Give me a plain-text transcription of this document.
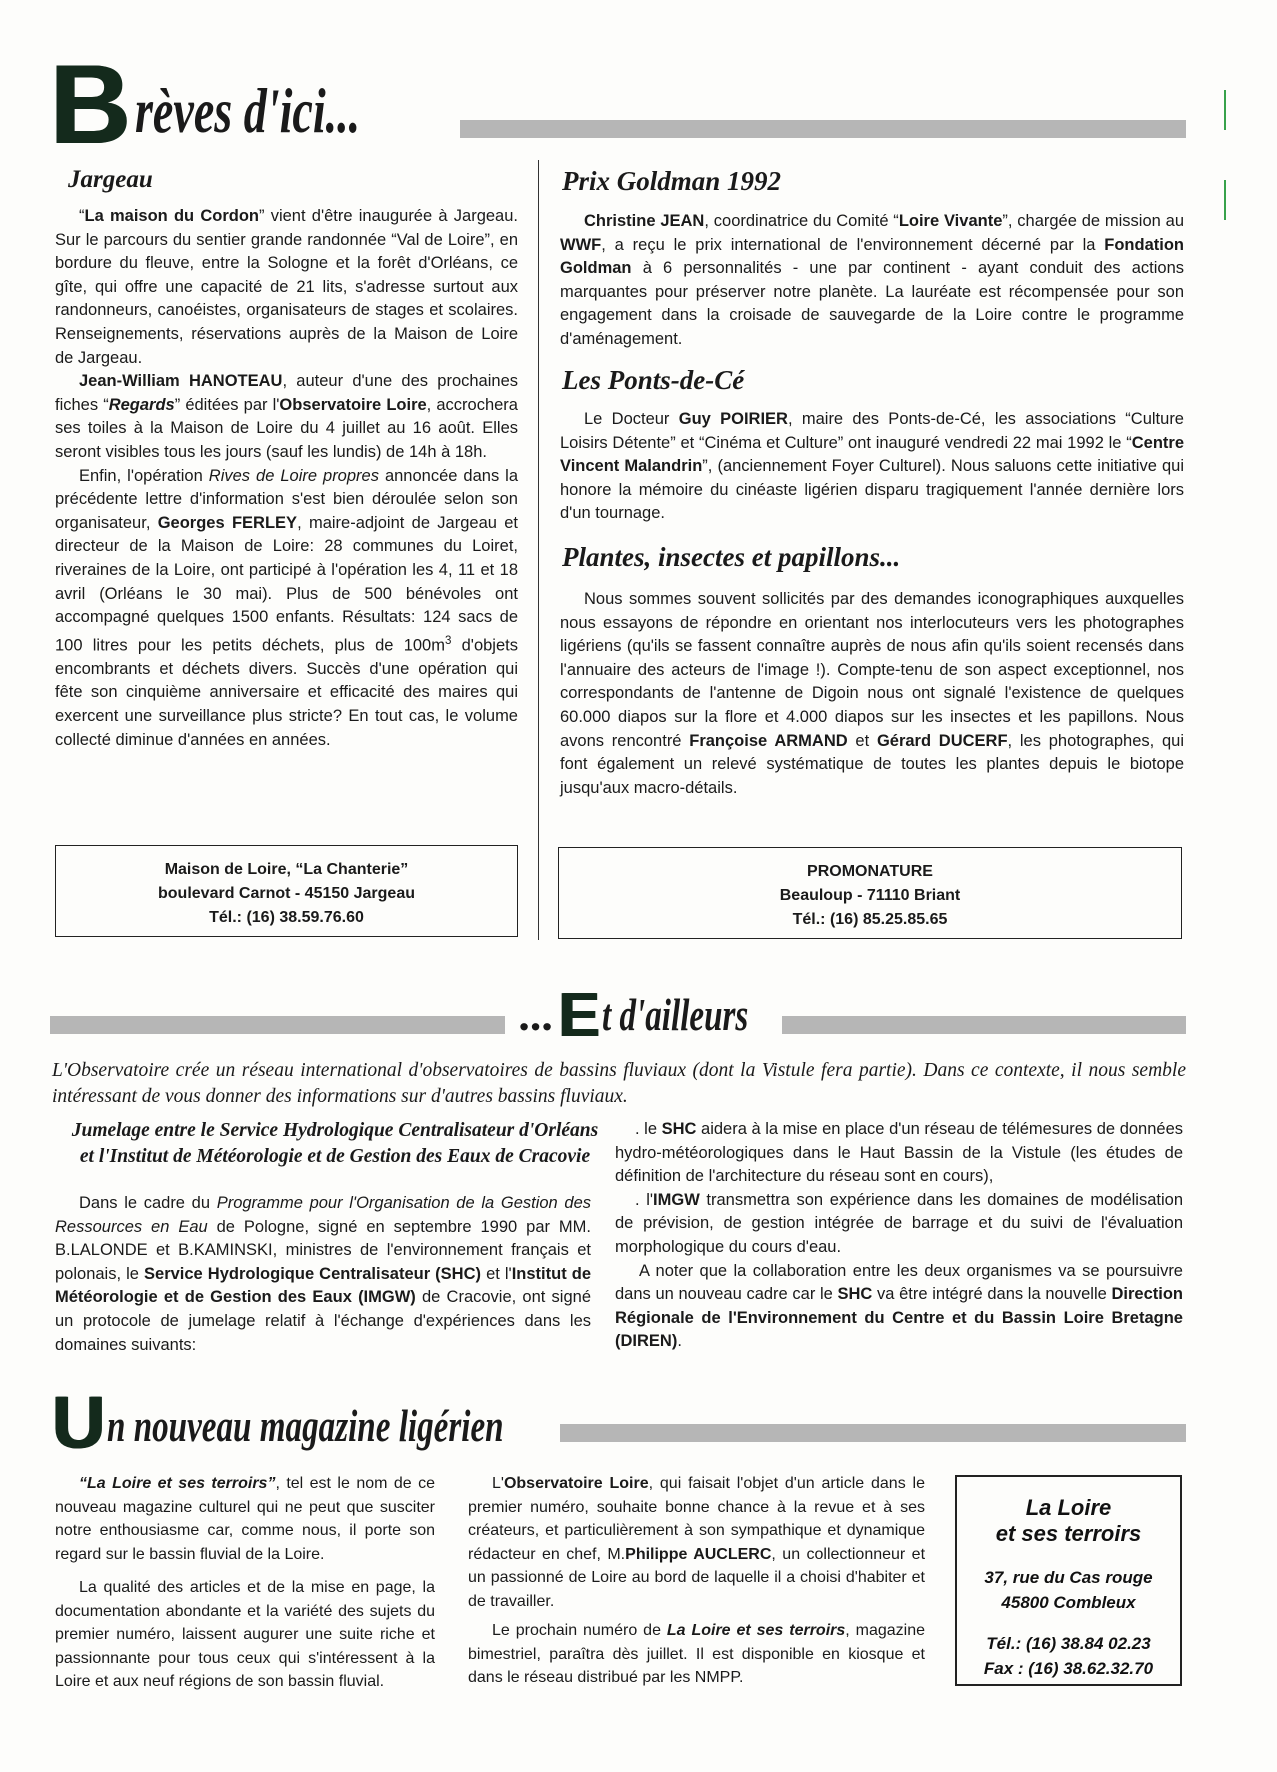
B rèves d'ici...
Jargeau

“La maison du Cordon” vient d'être inaugurée à Jargeau. Sur le parcours du sentier grande randonnée “Val de Loire”, en bordure du fleuve, entre la Sologne et la forêt d'Orléans, ce gîte, qui offre une capacité de 21 lits, s'adresse surtout aux randonneurs, canoéistes, organisateurs de stages et scolaires. Renseignements, réservations auprès de la Maison de Loire de Jargeau.

Jean-William HANOTEAU, auteur d'une des prochaines fiches “Regards” éditées par l'Observatoire Loire, accrochera ses toiles à la Maison de Loire du 4 juillet au 16 août. Elles seront visibles tous les jours (sauf les lundis) de 14h à 18h.

Enfin, l'opération Rives de Loire propres annoncée dans la précédente lettre d'information s'est bien déroulée selon son organisateur, Georges FERLEY, maire-adjoint de Jargeau et directeur de la Maison de Loire: 28 communes du Loiret, riveraines de la Loire, ont participé à l'opération les 4, 11 et 18 avril (Orléans le 30 mai). Plus de 500 bénévoles ont accompagné quelques 1500 enfants. Résultats: 124 sacs de 100 litres pour les petits déchets, plus de $100m^3$ d'objets encombrants et déchets divers. Succès d'une opération qui fête son cinquième anniversaire et efficacité des maires qui exercent une surveillance plus stricte? En tout cas, le volume collecté diminue d'années en années.

Maison de Loire, “La Chanterie”
boulevard Carnot - 45150 Jargeau
Tél.: (16) 38.59.76.60
Prix Goldman 1992

Christine JEAN, coordinatrice du Comité “Loire Vivante”, chargée de mission au WWF, a reçu le prix international de l'environnement décerné par la Fondation Goldman à 6 personnalités - une par continent - ayant conduit des actions marquantes pour préserver notre planète. La lauréate est récompensée pour son engagement dans la croisade de sauvegarde de la Loire contre le programme d'aménagement.

Les Ponts-de-Cé

Le Docteur Guy POIRIER, maire des Ponts-de-Cé, les associations “Culture Loisirs Détente” et “Cinéma et Culture” ont inauguré vendredi 22 mai 1992 le “Centre Vincent Malandrin”, (anciennement Foyer Culturel). Nous saluons cette initiative qui honore la mémoire du cinéaste ligérien disparu tragiquement l'année dernière lors d'un tournage.

Plantes, insectes et papillons...

Nous sommes souvent sollicités par des demandes iconographiques auxquelles nous essayons de répondre en orientant nos interlocuteurs vers les photographes ligériens (qu'ils se fassent connaître auprès de nous afin qu'ils soient recensés dans l'annuaire des acteurs de l'image !). Compte-tenu de son aspect exceptionnel, nos correspondants de l'antenne de Digoin nous ont signalé l'existence de quelques 60.000 diapos sur la flore et 4.000 diapos sur les insectes et les papillons. Nous avons rencontré Françoise ARMAND et Gérard DUCERF, les photographes, qui font également un relevé systématique de toutes les plantes depuis le biotope jusqu'aux macro-détails.

PROMONATURE
Beauloup - 71110 Briant
Tél.: (16) 85.25.85.65
... E t d'ailleurs
L'Observatoire crée un réseau international d'observatoires de bassins fluviaux (dont la Vistule fera partie). Dans ce contexte, il nous semble intéressant de vous donner des informations sur d'autres bassins fluviaux.
Jumelage entre le Service Hydrologique Centralisateur d'Orléans
et l'Institut de Météorologie et de Gestion des Eaux de Cracovie

Dans le cadre du Programme pour l'Organisation de la Gestion des Ressources en Eau de Pologne, signé en septembre 1990 par MM. B.LALONDE et B.KAMINSKI, ministres de l'environnement français et polonais, le Service Hydrologique Centralisateur (SHC) et l'Institut de Météorologie et de Gestion des Eaux (IMGW) de Cracovie, ont signé un protocole de jumelage relatif à l'échange d'expériences dans les domaines suivants:

. le SHC aidera à la mise en place d'un réseau de télémesures de données hydro-météorologiques dans le Haut Bassin de la Vistule (les études de définition de l'architecture du réseau sont en cours),

. l'IMGW transmettra son expérience dans les domaines de modélisation de prévision, de gestion intégrée de barrage et du suivi de l'évaluation morphologique du cours d'eau.

A noter que la collaboration entre les deux organismes va se poursuivre dans un nouveau cadre car le SHC va être intégré dans la nouvelle Direction Régionale de l'Environnement du Centre et du Bassin Loire Bretagne (DIREN).

U n nouveau magazine ligérien

“La Loire et ses terroirs”, tel est le nom de ce nouveau magazine culturel qui ne peut que susciter notre enthousiasme car, comme nous, il porte son regard sur le bassin fluvial de la Loire.

La qualité des articles et de la mise en page, la documentation abondante et la variété des sujets du premier numéro, laissent augurer une suite riche et passionnante pour tous ceux qui s'intéressent à la Loire et aux neuf régions de son bassin fluvial.

L'Observatoire Loire, qui faisait l'objet d'un article dans le premier numéro, souhaite bonne chance à la revue et à ses créateurs, et particulièrement à son sympathique et dynamique rédacteur en chef, M.Philippe AUCLERC, un collectionneur et un passionné de Loire au bord de laquelle il a choisi d'habiter et de travailler.

Le prochain numéro de La Loire et ses terroirs, magazine bimestriel, paraîtra dès juillet. Il est disponible en kiosque et dans le réseau distribué par les NMPP.

La Loire
et ses terroirs
37, rue du Cas rouge
45800 Combleux
Tél.: (16) 38.84 02.23
Fax : (16) 38.62.32.70
